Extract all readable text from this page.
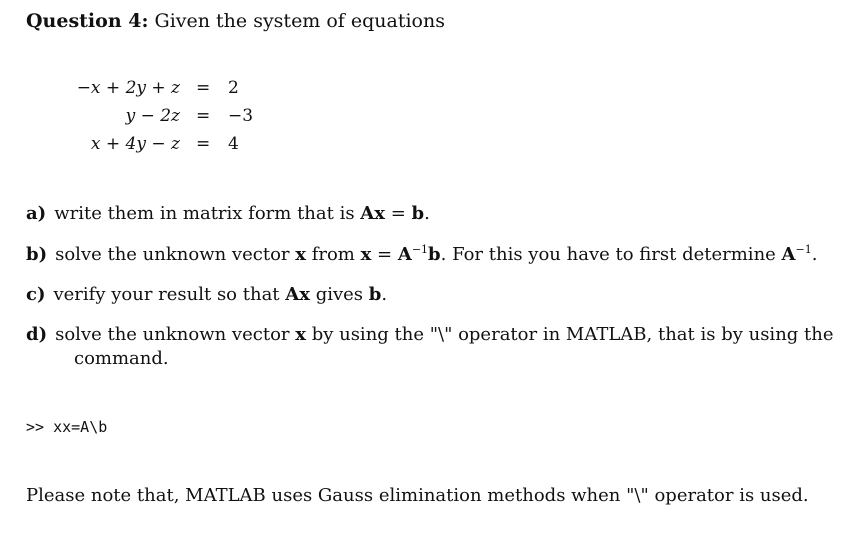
Question 4: Given the system of equations
−x + 2y + z = 2
y − 2z = −3
x + 4y − z = 4
a) write them in matrix form that is Ax = b.
b) solve the unknown vector x from $x = A^{-1}b$. For this you have to first determine $A^{-1}$.
c) verify your result so that Ax gives b.
d) solve the unknown vector x by using the "\" operator in MATLAB, that is by using the
command.
>> xx=A\b
Please note that, MATLAB uses Gauss elimination methods when "\" operator is used.
